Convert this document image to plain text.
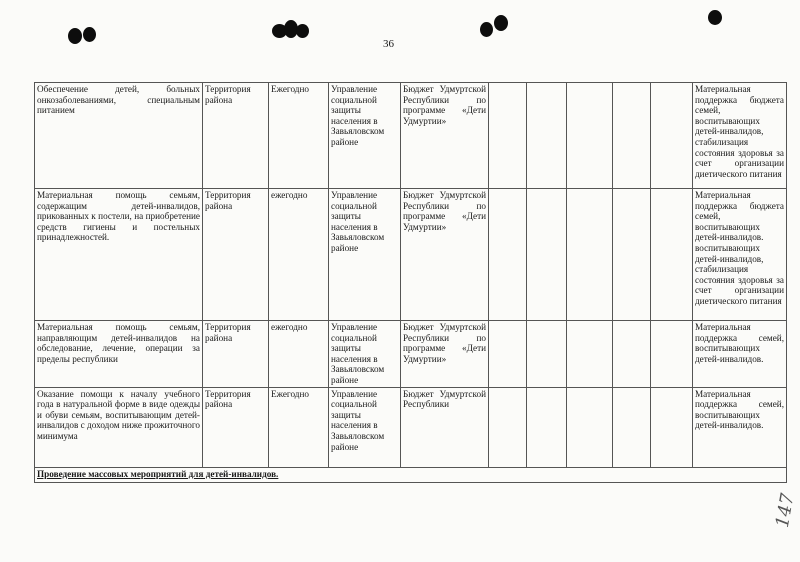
36
Обеспечение детей, больных онкозаболеваниями, специальным питанием	Территория района	Ежегодно	Управление социальной защиты населения в Завьяловском районе	Бюджет Удмуртской Республики по программе «Дети Удмуртии»						Материальная поддержка бюджета семей, воспитывающих детей-инвалидов, стабилизация состояния здоровья за счет организации диетического питания
Материальная помощь семьям, содержащим детей-инвалидов, прикованных к постели, на приобретение средств гигиены и постельных принадлежностей.	Территория района	ежегодно	Управление социальной защиты населения в Завьяловском районе	Бюджет Удмуртской Республики по программе «Дети Удмуртии»						Материальная поддержка бюджета семей, воспитывающих детей-инвалидов. воспитывающих детей-инвалидов, стабилизация состояния здоровья за счет организации диетического питания
Материальная помощь семьям, направляющим детей-инвалидов на обследование, лечение, операции за пределы республики	Территория района	ежегодно	Управление социальной защиты населения в Завьяловском районе	Бюджет Удмуртской Республики по программе «Дети Удмуртии»						Материальная поддержка семей, воспитывающих детей-инвалидов.
Оказание помощи к началу учебного года в натуральной форме в виде одежды и обуви семьям, воспитывающим детей- инвалидов с доходом ниже прожиточного минимума	Территория района	Ежегодно	Управление социальной защиты населения в Завьяловском районе	Бюджет Удмуртской Республики						Материальная поддержка семей, воспитывающих детей-инвалидов.
Проведение массовых мероприятий для детей-инвалидов.										
147
